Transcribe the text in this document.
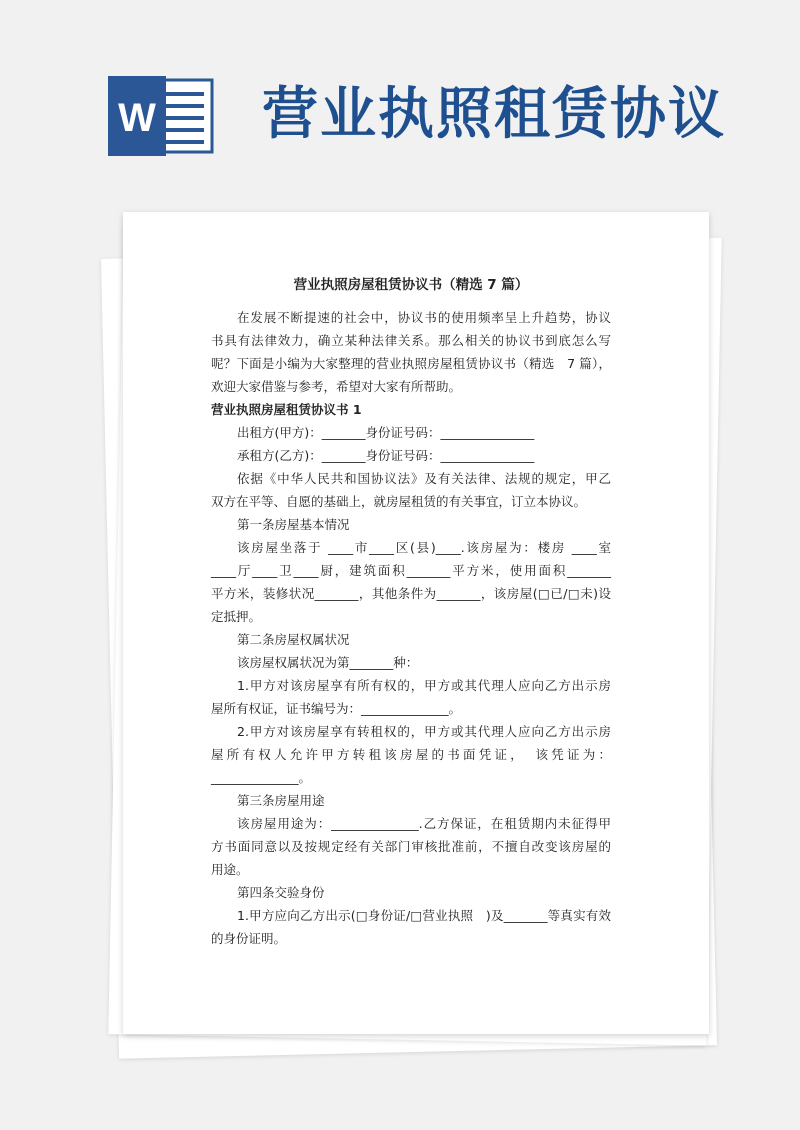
W 营业执照租赁协议

营业执照房屋租赁协议书（精选 7 篇）

在发展不断提速的社会中，协议书的使用频率呈上升趋势，协议

书具有法律效力，确立某种法律关系。那么相关的协议书到底怎么写

呢？下面是小编为大家整理的营业执照房屋租赁协议书（精选　7 篇），

欢迎大家借鉴与参考，希望对大家有所帮助。

营业执照房屋租赁协议书 1

出租方(甲方)：_______身份证号码：_______________

承租方(乙方)：_______身份证号码：_______________

依据《中华人民共和国协议法》及有关法律、法规的规定，甲乙

双方在平等、自愿的基础上，就房屋租赁的有关事宜，订立本协议。

第一条房屋基本情况

该房屋坐落于 ____市____区(县)____.该房屋为：楼房 ____室

____厅____卫____厨，建筑面积_______平方米，使用面积_______

平方米，装修状况_______，其他条件为_______，该房屋(□已/□未)设

定抵押。

第二条房屋权属状况

该房屋权属状况为第_______种：

1.甲方对该房屋享有所有权的，甲方或其代理人应向乙方出示房

屋所有权证，证书编号为：______________。

2.甲方对该房屋享有转租权的，甲方或其代理人应向乙方出示房

屋所有权人允许甲方转租该房屋的书面凭证，　该凭证为：

______________。

第三条房屋用途

该房屋用途为：______________.乙方保证，在租赁期内未征得甲

方书面同意以及按规定经有关部门审核批准前，不擅自改变该房屋的

用途。

第四条交验身份

1.甲方应向乙方出示(□身份证/□营业执照　)及_______等真实有效

的身份证明。
